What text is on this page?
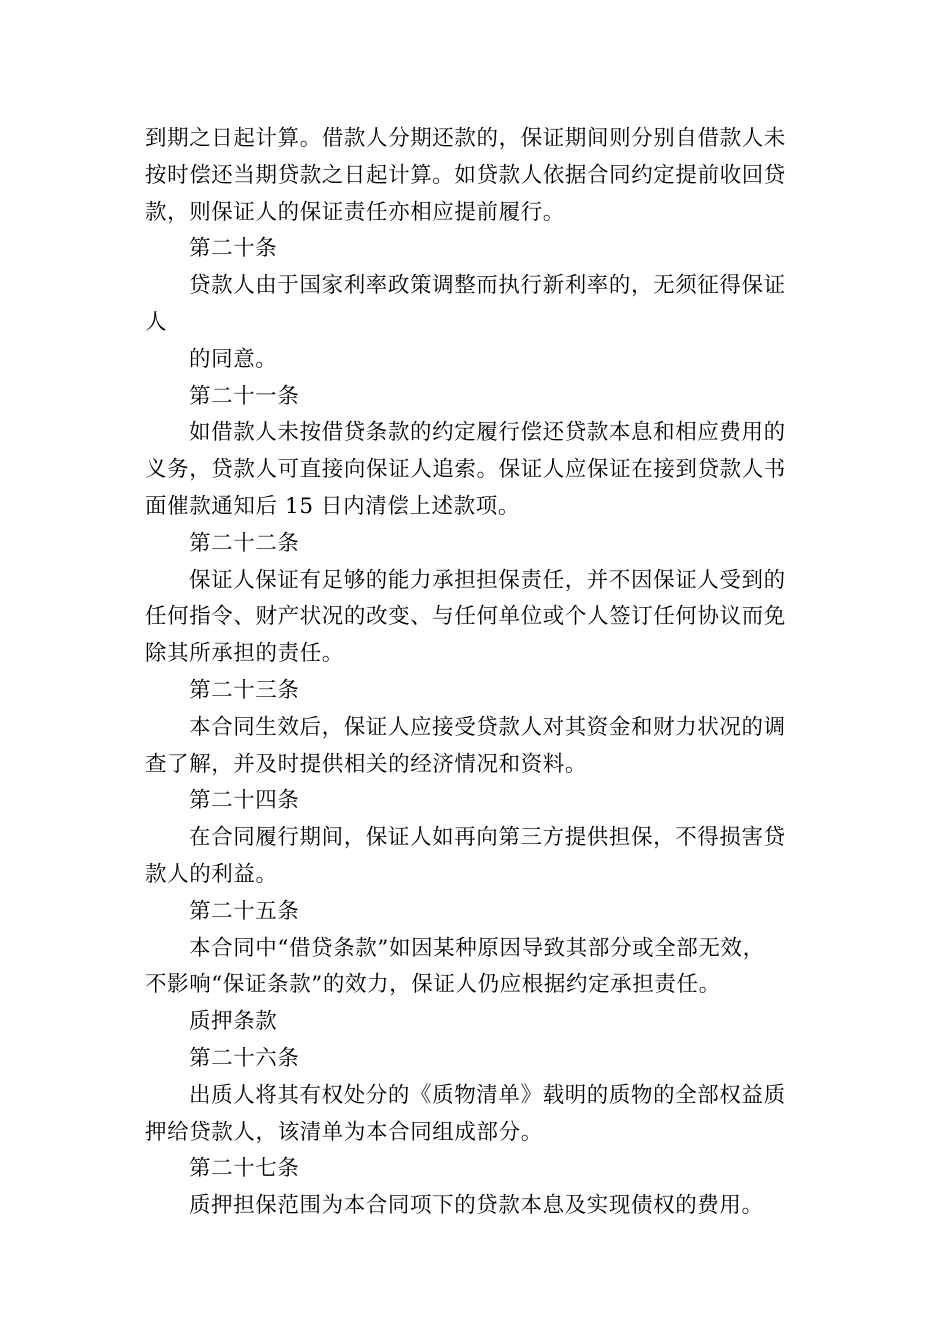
到期之日起计算。借款人分期还款的，保证期间则分别自借款人未
按时偿还当期贷款之日起计算。如贷款人依据合同约定提前收回贷
款，则保证人的保证责任亦相应提前履行。
第二十条
贷款人由于国家利率政策调整而执行新利率的，无须征得保证
人
的同意。
第二十一条
如借款人未按借贷条款的约定履行偿还贷款本息和相应费用的
义务，贷款人可直接向保证人追索。保证人应保证在接到贷款人书
面催款通知后 15 日内清偿上述款项。
第二十二条
保证人保证有足够的能力承担担保责任，并不因保证人受到的
任何指令、财产状况的改变、与任何单位或个人签订任何协议而免
除其所承担的责任。
第二十三条
本合同生效后，保证人应接受贷款人对其资金和财力状况的调
查了解，并及时提供相关的经济情况和资料。
第二十四条
在合同履行期间，保证人如再向第三方提供担保，不得损害贷
款人的利益。
第二十五条
本合同中“借贷条款”如因某种原因导致其部分或全部无效，
不影响“保证条款”的效力，保证人仍应根据约定承担责任。
质押条款
第二十六条
出质人将其有权处分的《质物清单》载明的质物的全部权益质
押给贷款人，该清单为本合同组成部分。
第二十七条
质押担保范围为本合同项下的贷款本息及实现债权的费用。
